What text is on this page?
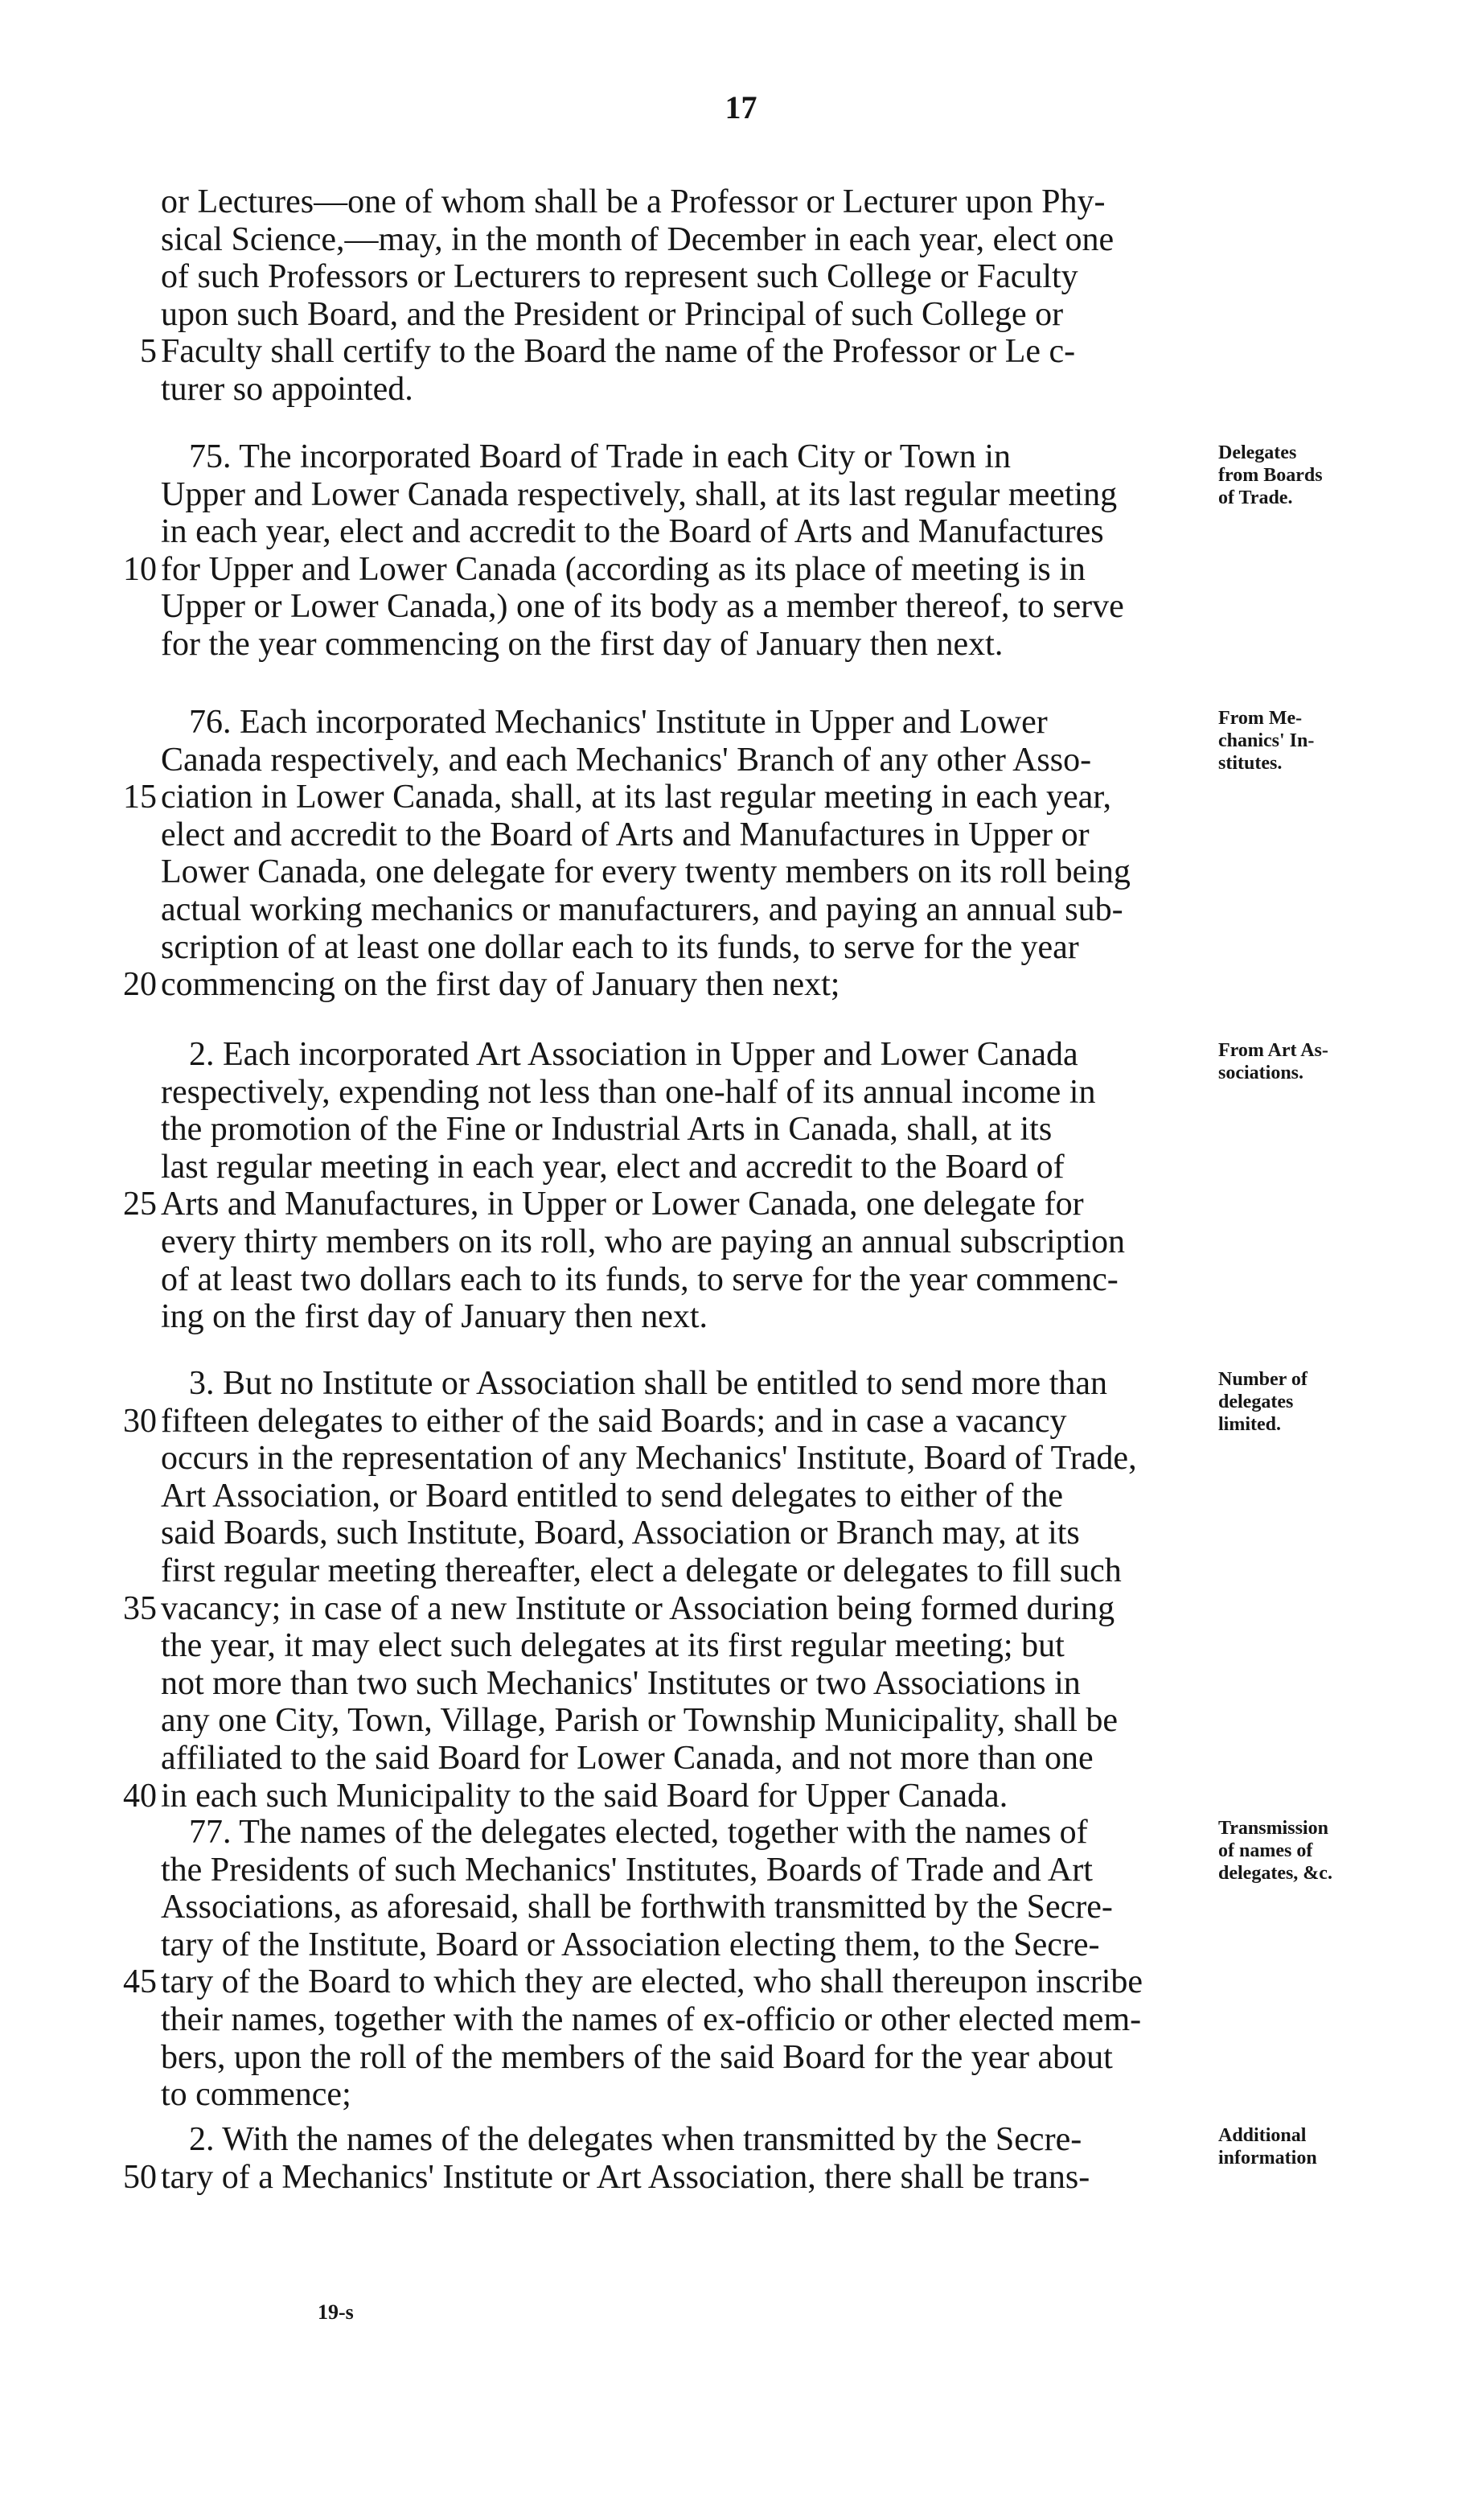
17
or Lectures—one of whom shall be a Professor or Lecturer upon Phy-
sical Science,—may, in the month of December in each year, elect one
of such Professors or Lecturers to represent such College or Faculty
upon such Board, and the President or Principal of such College or
Faculty shall certify to the Board the name of the Professor or Le c-
5
turer so appointed.
75. The incorporated Board of Trade in each City or Town in
Upper and Lower Canada respectively, shall, at its last regular meeting
in each year, elect and accredit to the Board of Arts and Manufactures
for Upper and Lower Canada (according as its place of meeting is in
10
Upper or Lower Canada,) one of its body as a member thereof, to serve
for the year commencing on the first day of January then next.
Delegates
from Boards
of Trade.
76. Each incorporated Mechanics' Institute in Upper and Lower
Canada respectively, and each Mechanics' Branch of any other Asso-
ciation in Lower Canada, shall, at its last regular meeting in each year,
15
elect and accredit to the Board of Arts and Manufactures in Upper or
Lower Canada, one delegate for every twenty members on its roll being
actual working mechanics or manufacturers, and paying an annual sub-
scription of at least one dollar each to its funds, to serve for the year
commencing on the first day of January then next;
20
From Me-
chanics' In-
stitutes.
2. Each incorporated Art Association in Upper and Lower Canada
respectively, expending not less than one-half of its annual income in
the promotion of the Fine or Industrial Arts in Canada, shall, at its
last regular meeting in each year, elect and accredit to the Board of
Arts and Manufactures, in Upper or Lower Canada, one delegate for
25
every thirty members on its roll, who are paying an annual subscription
of at least two dollars each to its funds, to serve for the year commenc-
ing on the first day of January then next.
From Art As-
sociations.
3. But no Institute or Association shall be entitled to send more than
fifteen delegates to either of the said Boards; and in case a vacancy
30
occurs in the representation of any Mechanics' Institute, Board of Trade,
Art Association, or Board entitled to send delegates to either of the
said Boards, such Institute, Board, Association or Branch may, at its
first regular meeting thereafter, elect a delegate or delegates to fill such
vacancy; in case of a new Institute or Association being formed during
35
the year, it may elect such delegates at its first regular meeting; but
not more than two such Mechanics' Institutes or two Associations in
any one City, Town, Village, Parish or Township Municipality, shall be
affiliated to the said Board for Lower Canada, and not more than one
in each such Municipality to the said Board for Upper Canada.
40
Number of
delegates
limited.
77. The names of the delegates elected, together with the names of
the Presidents of such Mechanics' Institutes, Boards of Trade and Art
Associations, as aforesaid, shall be forthwith transmitted by the Secre-
tary of the Institute, Board or Association electing them, to the Secre-
tary of the Board to which they are elected, who shall thereupon inscribe
45
their names, together with the names of ex-officio or other elected mem-
bers, upon the roll of the members of the said Board for the year about
to commence;
Transmission
of names of
delegates, &c.
2. With the names of the delegates when transmitted by the Secre-
tary of a Mechanics' Institute or Art Association, there shall be trans-
50
Additional
information
19-s
